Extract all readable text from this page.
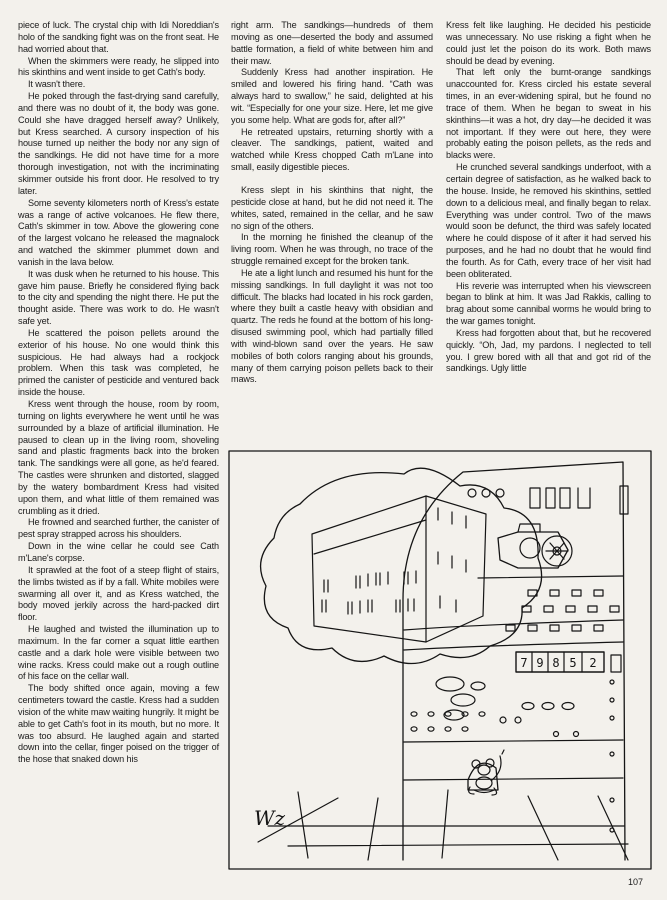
piece of luck. The crystal chip with Idi Noreddian's holo of the sandking fight was on the front seat. He had worried about that.

When the skimmers were ready, he slipped into his skinthins and went inside to get Cath's body.

It wasn't there.

He poked through the fast-drying sand carefully, and there was no doubt of it, the body was gone. Could she have dragged herself away? Unlikely, but Kress searched. A cursory inspection of his house turned up neither the body nor any sign of the sandkings. He did not have time for a more thorough investigation, not with the incriminating skimmer outside his front door. He resolved to try later.

Some seventy kilometers north of Kress's estate was a range of active volcanoes. He flew there, Cath's skimmer in tow. Above the glowering cone of the largest volcano he released the magnalock and watched the skimmer plummet down and vanish in the lava below.

It was dusk when he returned to his house. This gave him pause. Briefly he considered flying back to the city and spending the night there. He put the thought aside. There was work to do. He wasn't safe yet.

He scattered the poison pellets around the exterior of his house. No one would think this suspicious. He had always had a rockjock problem. When this task was completed, he primed the canister of pesticide and ventured back inside the house.

Kress went through the house, room by room, turning on lights everywhere he went until he was surrounded by a blaze of artificial illumination. He paused to clean up in the living room, shoveling sand and plastic fragments back into the broken tank. The sandkings were all gone, as he'd feared. The castles were shrunken and distorted, slagged by the watery bombardment Kress had visited upon them, and what little of them remained was crumbling as it dried.

He frowned and searched further, the canister of pest spray strapped across his shoulders.

Down in the wine cellar he could see Cath m'Lane's corpse.

It sprawled at the foot of a steep flight of stairs, the limbs twisted as if by a fall. White mobiles were swarming all over it, and as Kress watched, the body moved jerkily across the hard-packed dirt floor.

He laughed and twisted the illumination up to maximum. In the far corner a squat little earthen castle and a dark hole were visible between two wine racks. Kress could make out a rough outline of his face on the cellar wall.

The body shifted once again, moving a few centimeters toward the castle. Kress had a sudden vision of the white maw waiting hungrily. It might be able to get Cath's foot in its mouth, but no more. It was too absurd. He laughed again and started down into the cellar, finger poised on the trigger of the hose that snaked down his

right arm. The sandkings—hundreds of them moving as one—deserted the body and assumed battle formation, a field of white between him and their maw.

Suddenly Kress had another inspiration. He smiled and lowered his firing hand. “Cath was always hard to swallow,” he said, delighted at his wit. “Especially for one your size. Here, let me give you some help. What are gods for, after all?”

He retreated upstairs, returning shortly with a cleaver. The sandkings, patient, waited and watched while Kress chopped Cath m'Lane into small, easily digestible pieces.

Kress slept in his skinthins that night, the pesticide close at hand, but he did not need it. The whites, sated, remained in the cellar, and he saw no sign of the others.

In the morning he finished the cleanup of the living room. When he was through, no trace of the struggle remained except for the broken tank.

He ate a light lunch and resumed his hunt for the missing sandkings. In full daylight it was not too difficult. The blacks had located in his rock garden, where they built a castle heavy with obsidian and quartz. The reds he found at the bottom of his long-disused swimming pool, which had partially filled with wind-blown sand over the years. He saw mobiles of both colors ranging about his grounds, many of them carrying poison pellets back to their maws.

Kress felt like laughing. He decided his pesticide was unnecessary. No use risking a fight when he could just let the poison do its work. Both maws should be dead by evening.

That left only the burnt-orange sandkings unaccounted for. Kress circled his estate several times, in an ever-widening spiral, but he found no trace of them. When he began to sweat in his skinthins—it was a hot, dry day—he decided it was not important. If they were out here, they were probably eating the poison pellets, as the reds and blacks were.

He crunched several sandkings underfoot, with a certain degree of satisfaction, as he walked back to the house. Inside, he removed his skinthins, settled down to a delicious meal, and finally began to relax. Everything was under control. Two of the maws would soon be defunct, the third was safely located where he could dispose of it after it had served his purposes, and he had no doubt that he would find the fourth. As for Cath, every trace of her visit had been obliterated.

His reverie was interrupted when his viewscreen began to blink at him. It was Jad Rakkis, calling to brag about some cannibal worms he would bring to the war games tonight.

Kress had forgotten about that, but he recovered quickly. “Oh, Jad, my pardons. I neglected to tell you. I grew bored with all that and got rid of the sandkings. Ugly little

7 9 8 5 2
Wz
107
